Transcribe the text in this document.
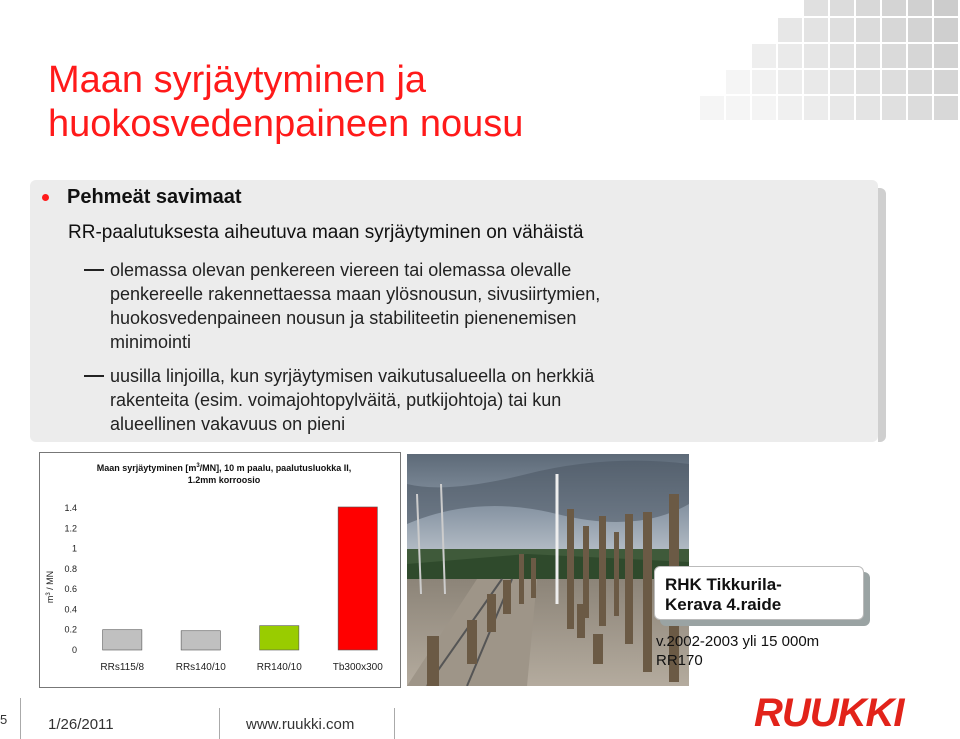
Maan syrjäytyminen ja
huokosvedenpaineen nousu
Pehmeät savimaat
RR-paalutuksesta aiheutuva maan syrjäytyminen on vähäistä
olemassa olevan penkereen viereen tai olemassa olevalle
penkereelle rakennettaessa maan ylösnousun, sivusiirtymien,
huokosvedenpaineen nousun ja stabiliteetin pienenemisen
minimointi
uusilla linjoilla, kun syrjäytymisen vaikutusalueella on herkkiä
rakenteita (esim. voimajohtopylväitä, putkijohtoja) tai kun
alueellinen vakavuus on pieni
Maan syrjäytyminen $[m^3/MN]$, 10 m paalu, paalutusluokka II,
1.2mm korroosio
0
0.2
0.4
0.6
0.8
1
1.2
1.4
$m^3$ / MN
RRs115/8	RRs140/10	RR140/10	Tb300x300
RHK Tikkurila-
Kerava 4.raide
v.2002-2003 yli 15 000m
RR170
5	1/26/2011	www.ruukki.com	RUUKKI
